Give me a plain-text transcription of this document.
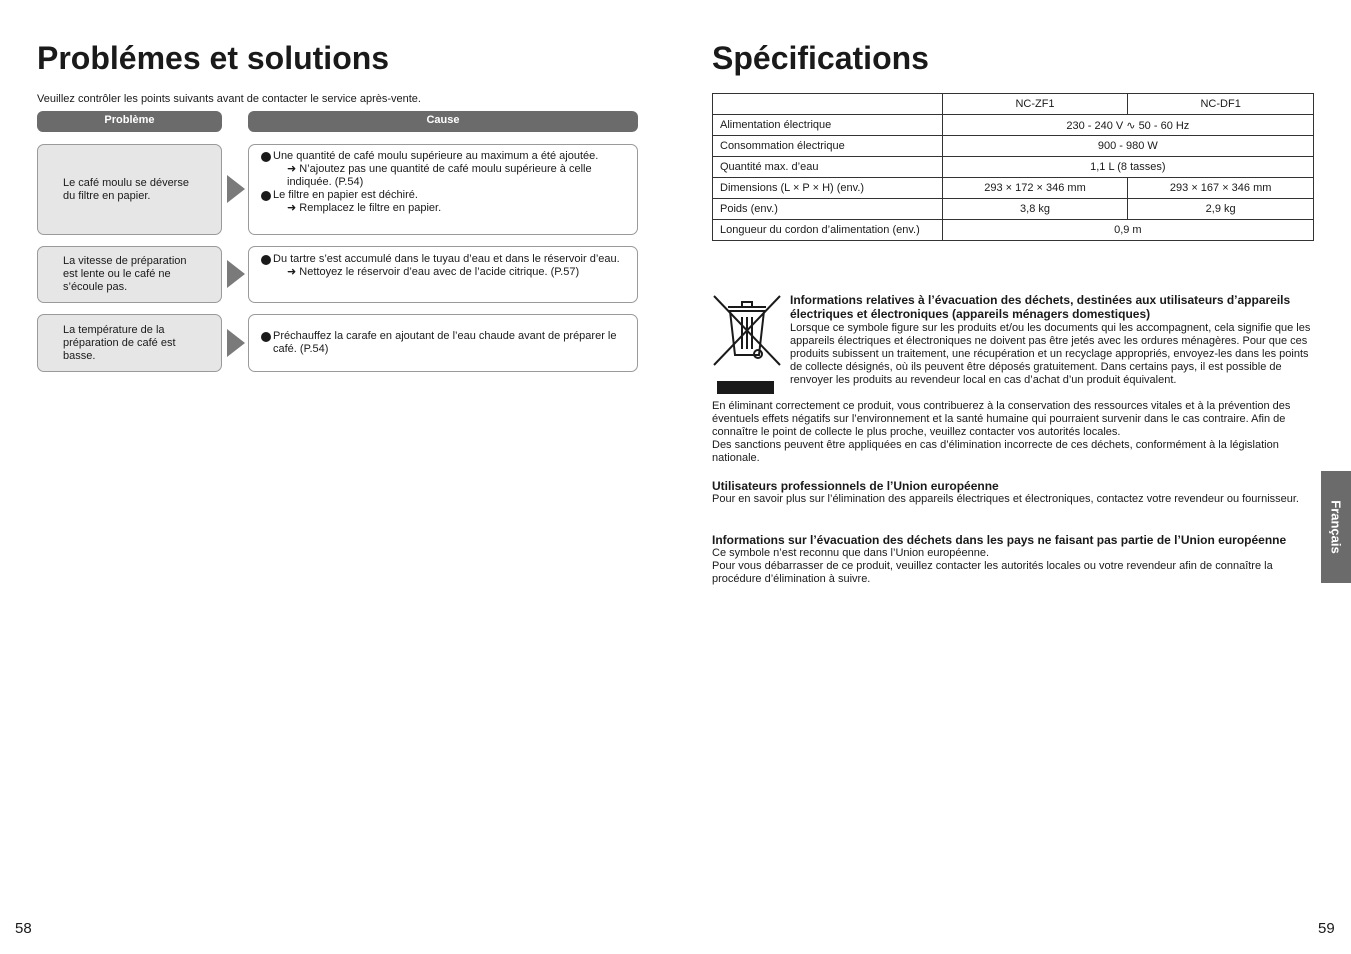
Problémes et solutions
Veuillez contrôler les points suivants avant de contacter le service après-vente.
Problème	Cause
Le café moulu se déverse du filtre en papier.
Une quantité de café moulu supérieure au maximum a été ajoutée.
➜ N’ajoutez pas une quantité de café moulu supérieure à celle indiquée. (P.54)
Le filtre en papier est déchiré.
➜ Remplacez le filtre en papier.
La vitesse de préparation est lente ou le café ne s’écoule pas.
Du tartre s’est accumulé dans le tuyau d’eau et dans le réservoir d’eau.
➜ Nettoyez le réservoir d’eau avec de l’acide citrique. (P.57)
La température de la préparation de café est basse.
Préchauffez la carafe en ajoutant de l’eau chaude avant de préparer le café. (P.54)
58
Spécifications
	NC-ZF1	NC-DF1
Alimentation électrique	230 - 240 V ∿ 50 - 60 Hz	
Consommation électrique	900 - 980 W	
Quantité max. d’eau	1,1 L (8 tasses)	
Dimensions (L × P × H) (env.)	293 × 172 × 346 mm	293 × 167 × 346 mm
Poids (env.)	3,8 kg	2,9 kg
Longueur du cordon d’alimentation (env.)	0,9 m	
Informations relatives à l’évacuation des déchets, destinées aux utilisateurs d’appareils électriques et électroniques (appareils ménagers domestiques)
Lorsque ce symbole figure sur les produits et/ou les documents qui les accompagnent, cela signifie que les appareils électriques et électroniques ne doivent pas être jetés avec les ordures ménagères. Pour que ces produits subissent un traitement, une récupération et un recyclage appropriés, envoyez-les dans les points de collecte désignés, où ils peuvent être déposés gratuitement. Dans certains pays, il est possible de renvoyer les produits au revendeur local en cas d’achat d’un produit équivalent.
En éliminant correctement ce produit, vous contribuerez à la conservation des ressources vitales et à la prévention des éventuels effets négatifs sur l’environnement et la santé humaine qui pourraient survenir dans le cas contraire. Afin de connaître le point de collecte le plus proche, veuillez contacter vos autorités locales.
Des sanctions peuvent être appliquées en cas d’élimination incorrecte de ces déchets, conformément à la législation nationale.
Utilisateurs professionnels de l’Union européenne
Pour en savoir plus sur l’élimination des appareils électriques et électroniques, contactez votre revendeur ou fournisseur.
Informations sur l’évacuation des déchets dans les pays ne faisant pas partie de l’Union européenne
Ce symbole n’est reconnu que dans l’Union européenne.
Pour vous débarrasser de ce produit, veuillez contacter les autorités locales ou votre revendeur afin de connaître la procédure d’élimination à suivre.
Français
59
